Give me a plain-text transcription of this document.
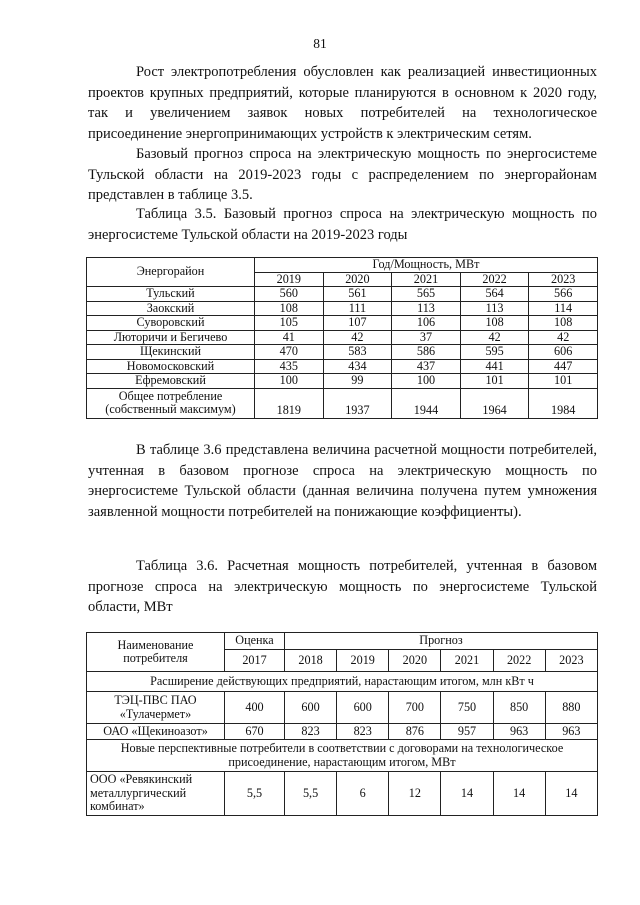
81

Рост электропотребления обусловлен как реализацией инвестиционных проектов крупных предприятий, которые планируются в основном к 2020 году, так и увеличением заявок новых потребителей на технологическое присоединение энергопринимающих устройств к электрическим сетям.

Базовый прогноз спроса на электрическую мощность по энергосистеме Тульской области на 2019-2023 годы с распределением по энергорайонам представлен в таблице 3.5.

Таблица 3.5. Базовый прогноз спроса на электрическую мощность по энергосистеме Тульской области на 2019-2023 годы

Энергорайон	Год/Мощность, МВт				
	2019	2020	2021	2022	2023
Тульский	560	561	565	564	566
Заокский	108	111	113	113	114
Суворовский	105	107	106	108	108
Люторичи и Бегичево	41	42	37	42	42
Щекинский	470	583	586	595	606
Новомосковский	435	434	437	441	447
Ефремовский	100	99	100	101	101

Общее потребление
(собственный максимум)	1819	1937	1944	1964	1984

В таблице 3.6 представлена величина расчетной мощности потребителей, учтенная в базовом прогнозе спроса на электрическую мощность по энергосистеме Тульской области (данная величина получена путем умножения заявленной мощности потребителей на понижающие коэффициенты).

Таблица 3.6. Расчетная мощность потребителей, учтенная в базовом прогнозе спроса на электрическую мощность по энергосистеме Тульской области, МВт

Наименование
потребителя	Оценка	Прогноз					
	2017	2018	2019	2020	2021	2022	2023
Расширение действующих предприятий, нарастающим итогом, млн кВт ч							

ТЭЦ-ПВС ПАО
«Тулачермет»	400	600	600	700	750	850	880
ОАО «Щекиноазот»	670	823	823	876	957	963	963

Новые перспективные потребители в соответствии с договорами на технологическое
присоединение, нарастающим итогом, МВт							

ООО «Ревякинский
металлургический
комбинат»	5,5	5,5	6	12	14	14	14
